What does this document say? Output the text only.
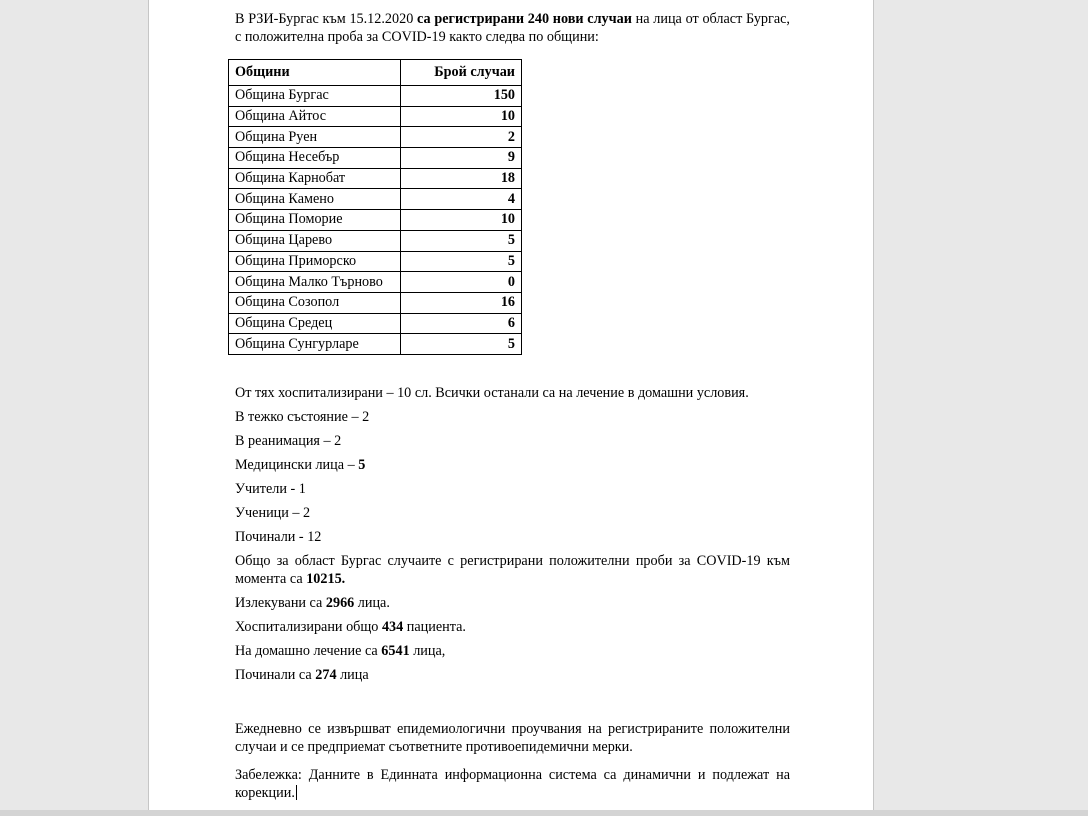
В РЗИ-Бургас към 15.12.2020 са регистрирани 240 нови случаи на лица от област Бургас, с положителна проба за COVID-19 както следва по общини:

Общини	Брой случаи
Община Бургас	150
Община Айтос	10
Община Руен	2
Община Несебър	9
Община Карнобат	18
Община Камено	4
Община Поморие	10
Община Царево	5
Община Приморско	5
Община Малко Търново	0
Община Созопол	16
Община Средец	6
Община Сунгурларе	5

От тях хоспитализирани – 10 сл. Всички останали са на лечение в домашни условия.

В тежко състояние – 2

В реанимация – 2

Медицински лица – 5

Учители - 1

Ученици – 2

Починали - 12

Общо за област Бургас случаите с регистрирани положителни проби за COVID-19 към момента са 10215.

Излекувани са 2966 лица.

Хоспитализирани общо 434 пациента.

На домашно лечение са 6541 лица,

Починали са 274 лица

Ежедневно се извършват епидемиологични проучвания на регистрираните положителни случаи и се предприемат съответните противоепидемични мерки.

Забележка: Данните в Единната информационна система са динамични и подлежат на корекции.
